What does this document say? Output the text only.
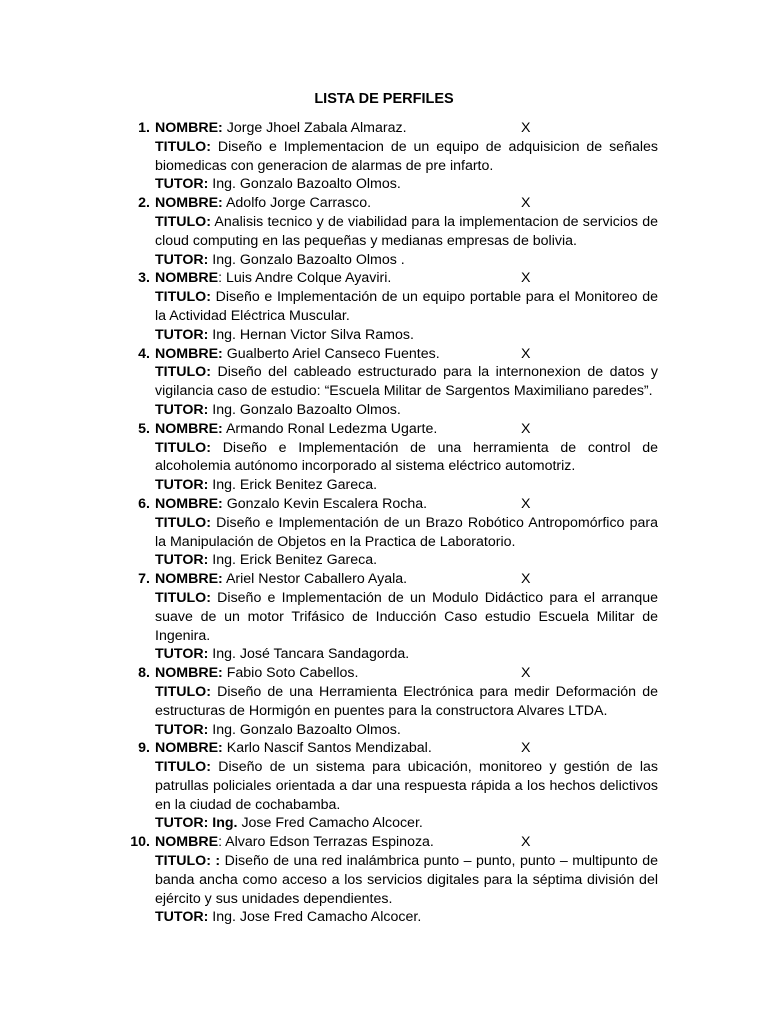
LISTA DE PERFILES
1. NOMBRE: Jorge Jhoel Zabala Almaraz.	X
TITULO: Diseño e Implementacion de un equipo de adquisicion de señales biomedicas con generacion de alarmas de pre infarto.
TUTOR: Ing. Gonzalo Bazoalto Olmos.
2. NOMBRE: Adolfo Jorge Carrasco.	X
TITULO: Analisis tecnico y de viabilidad para la implementacion de servicios de cloud computing en las pequeñas y medianas empresas de bolivia.
TUTOR: Ing. Gonzalo Bazoalto Olmos .
3. NOMBRE: Luis Andre Colque Ayaviri.	X
TITULO: Diseño e Implementación de un equipo portable para el Monitoreo de la Actividad Eléctrica Muscular.
TUTOR: Ing. Hernan Victor Silva Ramos.
4. NOMBRE: Gualberto Ariel Canseco Fuentes.	X
TITULO: Diseño del cableado estructurado para la internonexion de datos y vigilancia caso de estudio: “Escuela Militar de Sargentos Maximiliano paredes”.
TUTOR: Ing. Gonzalo Bazoalto Olmos.
5. NOMBRE: Armando Ronal Ledezma Ugarte.	X
TITULO: Diseño e Implementación de una herramienta de control de alcoholemia autónomo incorporado al sistema eléctrico automotriz.
TUTOR: Ing. Erick Benitez Gareca.
6. NOMBRE: Gonzalo Kevin Escalera Rocha.	X
TITULO: Diseño e Implementación de un Brazo Robótico Antropomórfico para la Manipulación de Objetos en la Practica de Laboratorio.
TUTOR: Ing. Erick Benitez Gareca.
7. NOMBRE: Ariel Nestor Caballero Ayala.	X
TITULO: Diseño e Implementación de un Modulo Didáctico para el arranque suave de un motor Trifásico de Inducción Caso estudio Escuela Militar de Ingenira.
TUTOR: Ing. José Tancara Sandagorda.
8. NOMBRE: Fabio Soto Cabellos.	X
TITULO: Diseño de una Herramienta Electrónica para medir Deformación de estructuras de Hormigón en puentes para la constructora Alvares LTDA.
TUTOR: Ing. Gonzalo Bazoalto Olmos.
9. NOMBRE: Karlo Nascif Santos Mendizabal.	X
TITULO: Diseño de un sistema para ubicación, monitoreo y gestión de las patrullas policiales orientada a dar una respuesta rápida a los hechos delictivos en la ciudad de cochabamba.
TUTOR: Ing. Jose Fred Camacho Alcocer.
10. NOMBRE: Alvaro Edson Terrazas Espinoza.	X
TITULO: : Diseño de una red inalámbrica punto – punto, punto – multipunto de banda ancha como acceso a los servicios digitales para la séptima división del ejército y sus unidades dependientes.
TUTOR: Ing. Jose Fred Camacho Alcocer.
